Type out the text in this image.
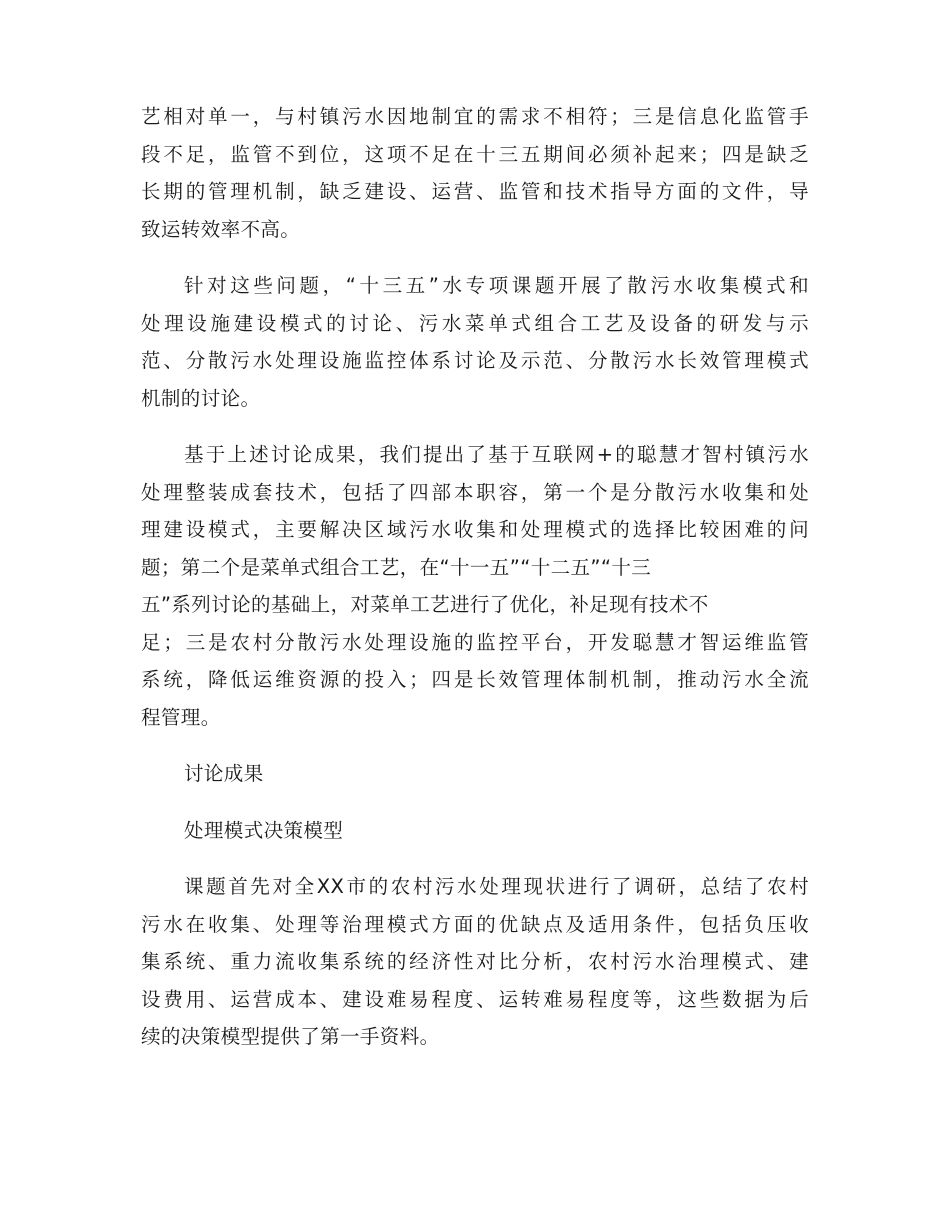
艺相对单一，与村镇污水因地制宜的需求不相符；三是信息化监管手
段不足，监管不到位，这项不足在十三五期间必须补起来；四是缺乏
长期的管理机制，缺乏建设、运营、监管和技术指导方面的文件，导
致运转效率不高。

针对这些问题，“十三五”水专项课题开展了散污水收集模式和
处理设施建设模式的讨论、污水菜单式组合工艺及设备的研发与示
范、分散污水处理设施监控体系讨论及示范、分散污水长效管理模式
机制的讨论。

基于上述讨论成果，我们提出了基于互联网+的聪慧才智村镇污水
处理整装成套技术，包括了四部本职容，第一个是分散污水收集和处
理建设模式，主要解决区域污水收集和处理模式的选择比较困难的问
题；第二个是菜单式组合工艺，在“十一五”“十二五”“十三
五”系列讨论的基础上，对菜单工艺进行了优化，补足现有技术不
足；三是农村分散污水处理设施的监控平台，开发聪慧才智运维监管
系统，降低运维资源的投入；四是长效管理体制机制，推动污水全流
程管理。

讨论成果

处理模式决策模型

课题首先对全XX市的农村污水处理现状进行了调研，总结了农村
污水在收集、处理等治理模式方面的优缺点及适用条件，包括负压收
集系统、重力流收集系统的经济性对比分析，农村污水治理模式、建
设费用、运营成本、建设难易程度、运转难易程度等，这些数据为后
续的决策模型提供了第一手资料。
